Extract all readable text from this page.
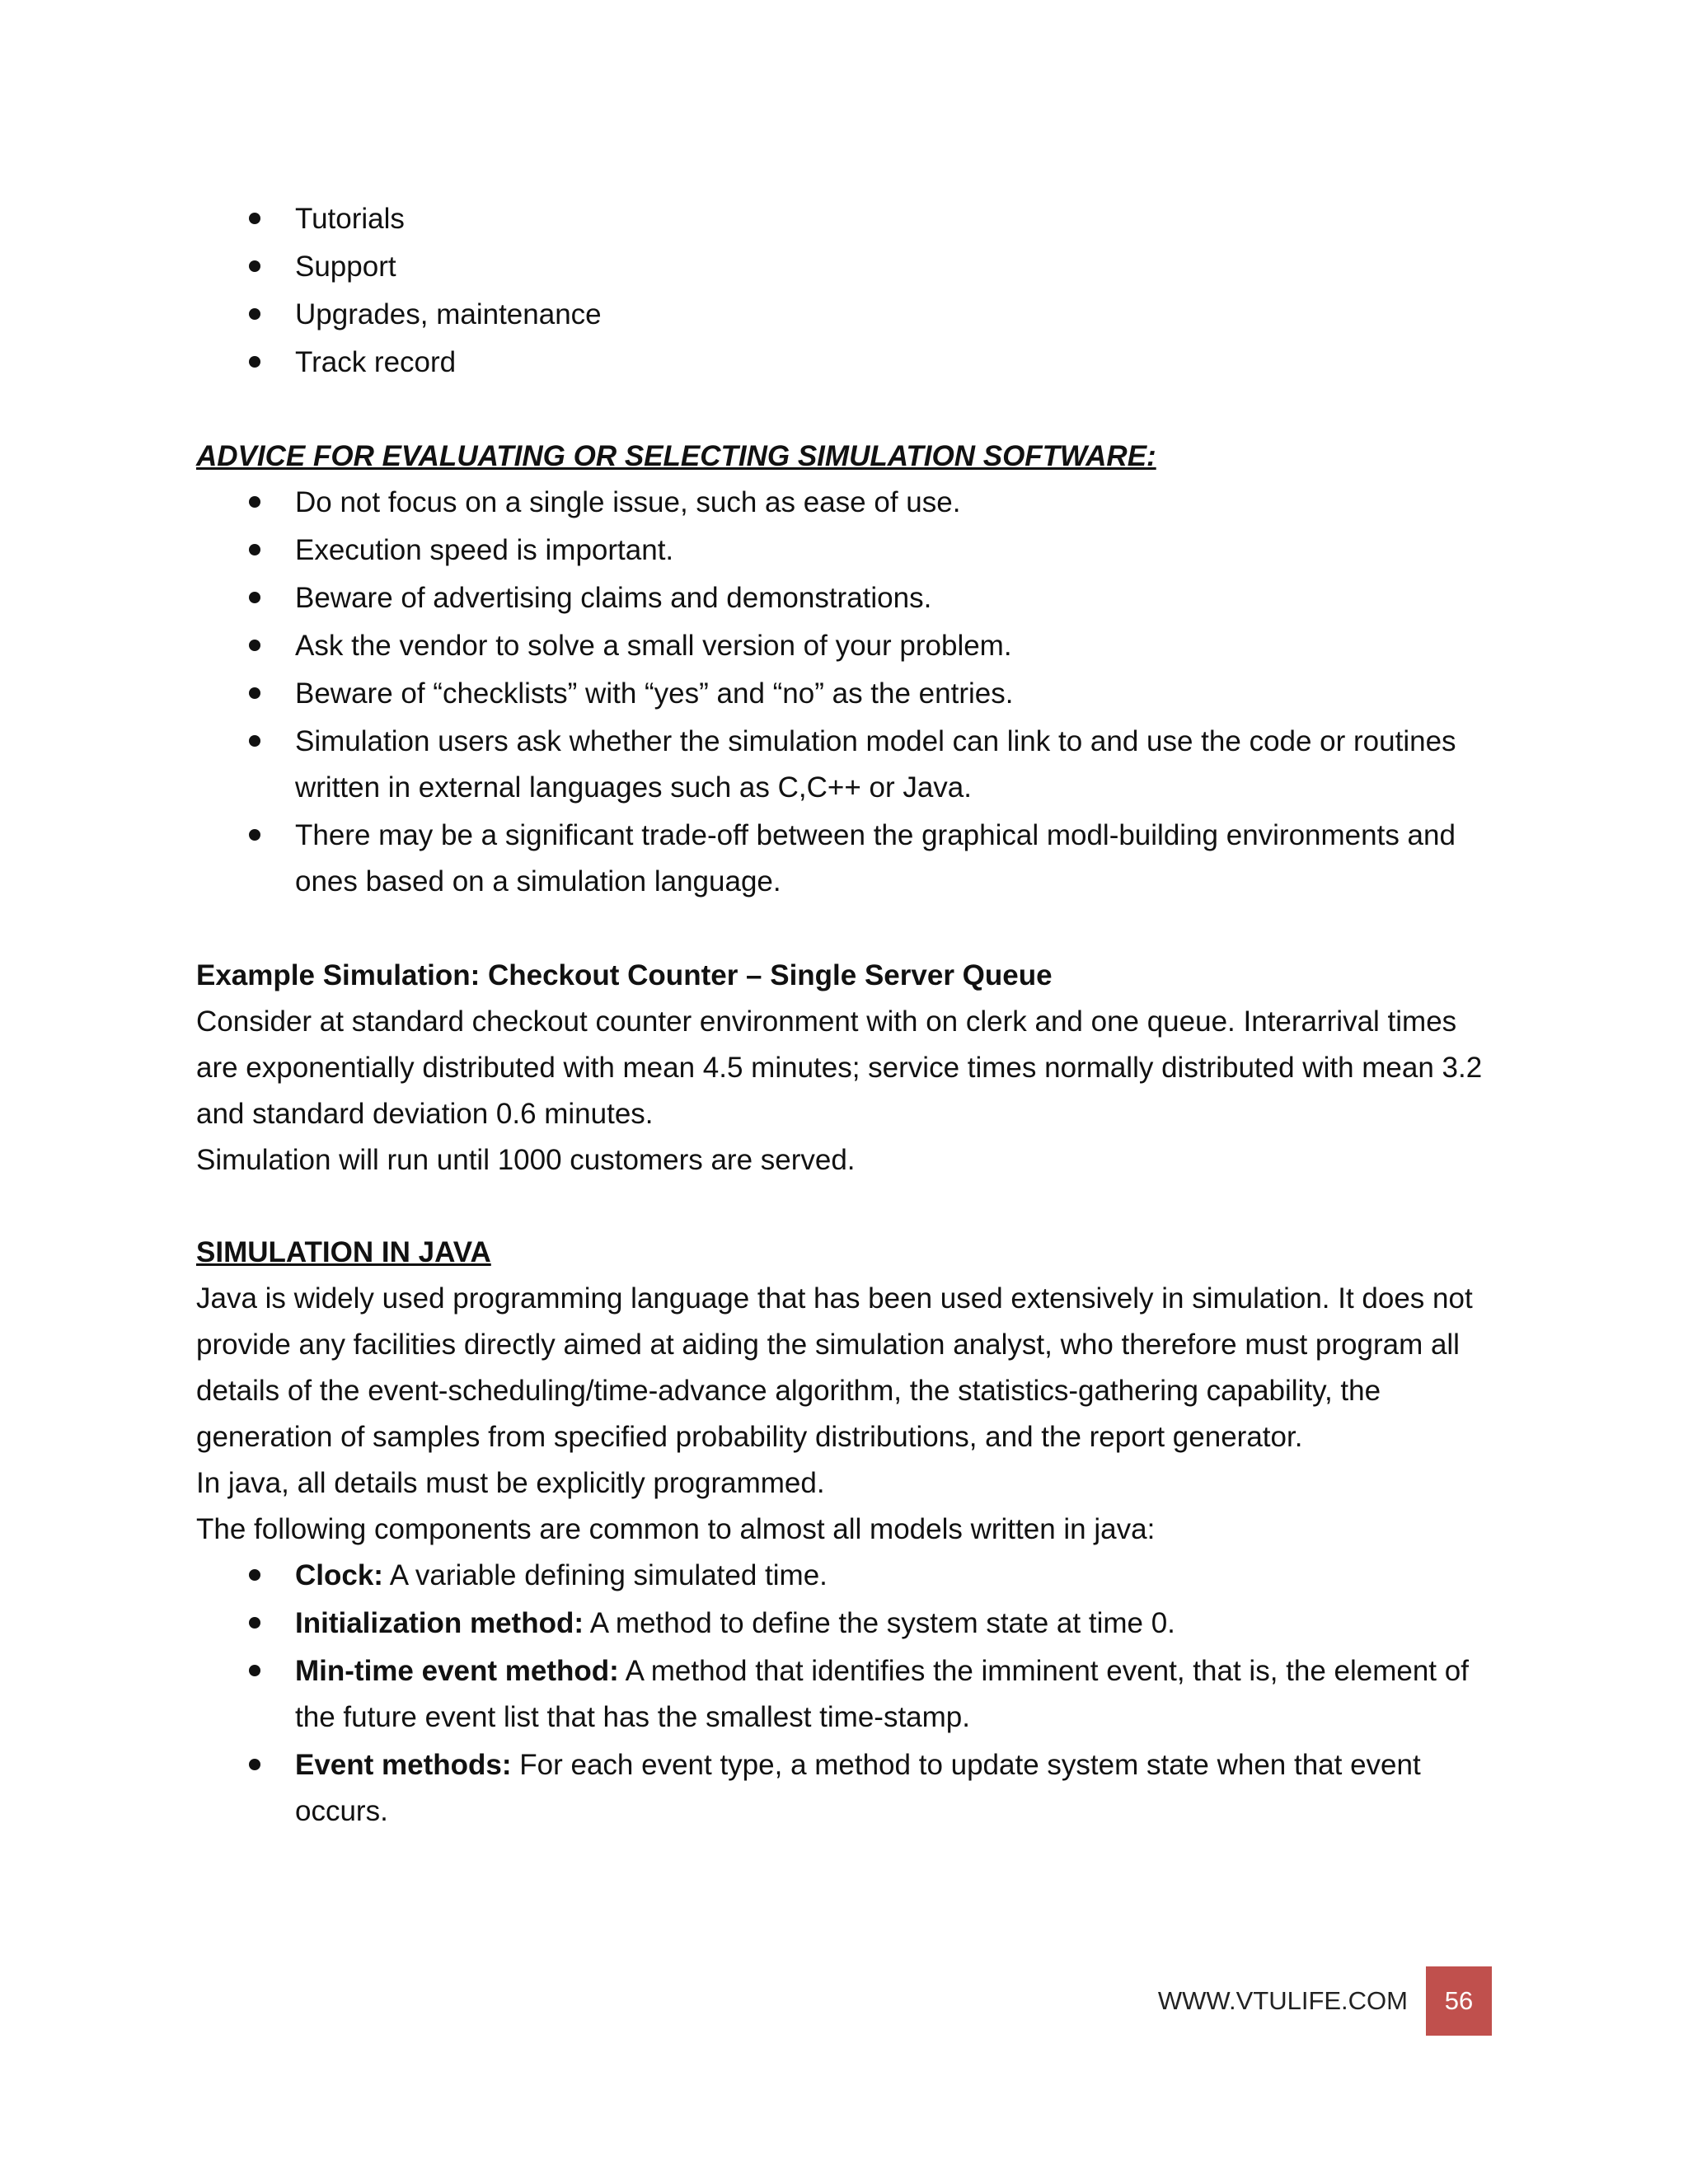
Tutorials
Support
Upgrades, maintenance
Track record
ADVICE FOR EVALUATING OR SELECTING SIMULATION SOFTWARE:
Do not focus on a single issue, such as ease of use.
Execution speed is important.
Beware of advertising claims and demonstrations.
Ask the vendor to solve a small version of your problem.
Beware of “checklists” with “yes” and “no” as the entries.
Simulation users ask whether the simulation model can link to and use the code or routines written in external languages such as C,C++ or Java.
There may be a significant trade-off between the graphical modl-building environments and ones based on a simulation language.
Example Simulation: Checkout Counter – Single Server Queue

Consider at standard checkout counter environment with on clerk and one queue. Interarrival times are exponentially distributed with mean 4.5 minutes; service times normally distributed with mean 3.2 and standard deviation 0.6 minutes.

Simulation will run until 1000 customers are served.

SIMULATION IN JAVA

Java is widely used programming language that has been used extensively in simulation. It does not provide any facilities directly aimed at aiding the simulation analyst, who therefore must program all details of the event-scheduling/time-advance algorithm, the statistics-gathering capability, the generation of samples from specified probability distributions, and the report generator.

In java, all details must be explicitly programmed.

The following components are common to almost all models written in java:

Clock: A variable defining simulated time.
Initialization method: A method to define the system state at time 0.
Min-time event method: A method that identifies the imminent event, that is, the element of the future event list that has the smallest time-stamp.
Event methods: For each event type, a method to update system state when that event occurs.
WWW.VTULIFE.COM	56
